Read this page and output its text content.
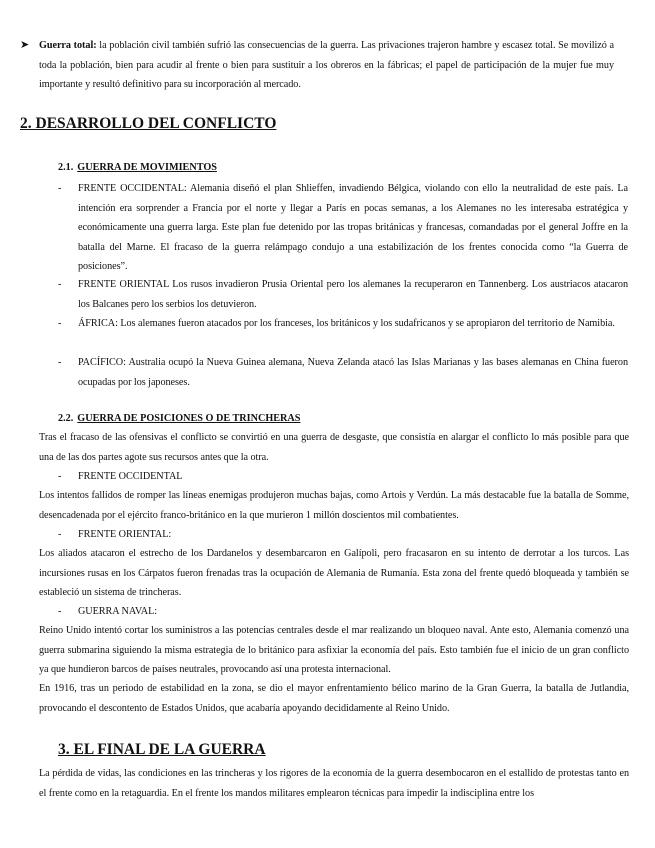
➤ Guerra total: la población civil también sufrió las consecuencias de la guerra. Las privaciones trajeron hambre y escasez total. Se movilizó a toda la población, bien para acudir al frente o bien para sustituir a los obreros en la fábricas; el papel de participación de la mujer fue muy importante y resultó definitivo para su incorporación al mercado.

2. DESARROLLO DEL CONFLICTO
2.1. GUERRA DE MOVIMIENTOS
- FRENTE OCCIDENTAL: Alemania diseñó el plan Shlieffen, invadiendo Bélgica, violando con ello la neutralidad de este país. La intención era sorprender a Francia por el norte y llegar a París en pocas semanas, a los Alemanes no les interesaba estratégica y económicamente una guerra larga. Este plan fue detenido por las tropas británicas y francesas, comandadas por el general Joffre en la batalla del Marne. El fracaso de la guerra relámpago condujo a una estabilización de los frentes conocida como “la Guerra de posiciones”.

- FRENTE ORIENTAL Los rusos invadieron Prusia Oriental pero los alemanes la recuperaron en Tannenberg. Los austriacos atacaron los Balcanes pero los serbios los detuvieron.

- ÁFRICA: Los alemanes fueron atacados por los franceses, los británicos y los sudafricanos y se apropiaron del territorio de Namibia.

- PACÍFICO: Australia ocupó la Nueva Guinea alemana, Nueva Zelanda atacó las Islas Marianas y las bases alemanas en China fueron ocupadas por los japoneses.

2.2. GUERRA DE POSICIONES O DE TRINCHERAS

Tras el fracaso de las ofensivas el conflicto se convirtió en una guerra de desgaste, que consistía en alargar el conflicto lo más posible para que una de las dos partes agote sus recursos antes que la otra.

- FRENTE OCCIDENTAL

Los intentos fallidos de romper las líneas enemigas produjeron muchas bajas, como Artois y Verdún. La más destacable fue la batalla de Somme, desencadenada por el ejército franco-británico en la que murieron 1 millón doscientos mil combatientes.

- FRENTE ORIENTAL:

Los aliados atacaron el estrecho de los Dardanelos y desembarcaron en Galípoli, pero fracasaron en su intento de derrotar a los turcos. Las incursiones rusas en los Cárpatos fueron frenadas tras la ocupación de Alemania de Rumanía. Esta zona del frente quedó bloqueada y también se estableció un sistema de trincheras.

- GUERRA NAVAL:

Reino Unido intentó cortar los suministros a las potencias centrales desde el mar realizando un bloqueo naval. Ante esto, Alemania comenzó una guerra submarina siguiendo la misma estrategia de lo británico para asfixiar la economía del país. Esto también fue el inicio de un gran conflicto ya que hundieron barcos de países neutrales, provocando así una protesta internacional.

En 1916, tras un periodo de estabilidad en la zona, se dio el mayor enfrentamiento bélico marino de la Gran Guerra, la batalla de Jutlandia, provocando el descontento de Estados Unidos, que acabaría apoyando decididamente al Reino Unido.

3. EL FINAL DE LA GUERRA

La pérdida de vidas, las condiciones en las trincheras y los rigores de la economía de la guerra desembocaron en el estallido de protestas tanto en el frente como en la retaguardia. En el frente los mandos militares emplearon técnicas para impedir la indisciplina entre los
